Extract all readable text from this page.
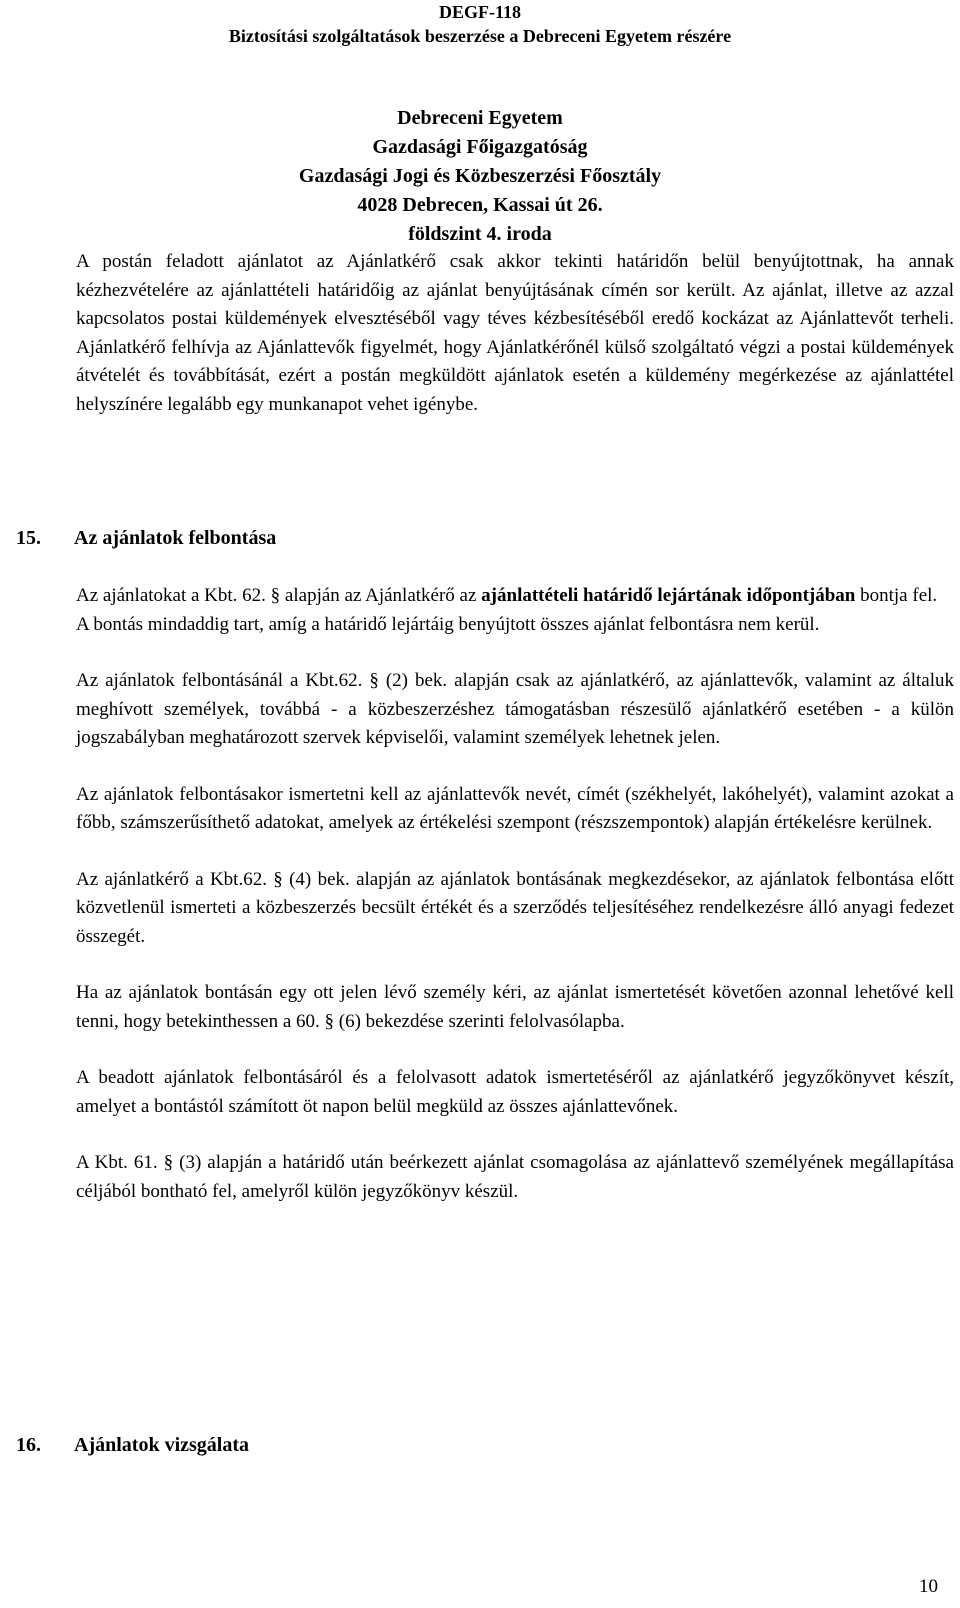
DEGF-118
Biztosítási szolgáltatások beszerzése a Debreceni Egyetem részére
Debreceni Egyetem
Gazdasági Főigazgatóság
Gazdasági Jogi és Közbeszerzési Főosztály
4028 Debrecen, Kassai út 26.
földszint 4. iroda

A postán feladott ajánlatot az Ajánlatkérő csak akkor tekinti határidőn belül benyújtottnak, ha annak kézhezvételére az ajánlattételi határidőig az ajánlat benyújtásának címén sor került. Az ajánlat, illetve az azzal kapcsolatos postai küldemények elvesztéséből vagy téves kézbesítéséből eredő kockázat az Ajánlattevőt terheli. Ajánlatkérő felhívja az Ajánlattevők figyelmét, hogy Ajánlatkérőnél külső szolgáltató végzi a postai küldemények átvételét és továbbítását, ezért a postán megküldött ajánlatok esetén a küldemény megérkezése az ajánlattétel helyszínére legalább egy munkanapot vehet igénybe.

15. Az ajánlatok felbontása

Az ajánlatokat a Kbt. 62. § alapján az Ajánlatkérő az ajánlattételi határidő lejártának időpontjában bontja fel.

A bontás mindaddig tart, amíg a határidő lejártáig benyújtott összes ajánlat felbontásra nem kerül.

Az ajánlatok felbontásánál a Kbt.62. § (2) bek. alapján csak az ajánlatkérő, az ajánlattevők, valamint az általuk meghívott személyek, továbbá - a közbeszerzéshez támogatásban részesülő ajánlatkérő esetében - a külön jogszabályban meghatározott szervek képviselői, valamint személyek lehetnek jelen.

Az ajánlatok felbontásakor ismertetni kell az ajánlattevők nevét, címét (székhelyét, lakóhelyét), valamint azokat a főbb, számszerűsíthető adatokat, amelyek az értékelési szempont (részszempontok) alapján értékelésre kerülnek.

Az ajánlatkérő a Kbt.62. § (4) bek. alapján az ajánlatok bontásának megkezdésekor, az ajánlatok felbontása előtt közvetlenül ismerteti a közbeszerzés becsült értékét és a szerződés teljesítéséhez rendelkezésre álló anyagi fedezet összegét.

Ha az ajánlatok bontásán egy ott jelen lévő személy kéri, az ajánlat ismertetését követően azonnal lehetővé kell tenni, hogy betekinthessen a 60. § (6) bekezdése szerinti felolvasólapba.

A beadott ajánlatok felbontásáról és a felolvasott adatok ismertetéséről az ajánlatkérő jegyzőkönyvet készít, amelyet a bontástól számított öt napon belül megküld az összes ajánlattevőnek.

A Kbt. 61. § (3) alapján a határidő után beérkezett ajánlat csomagolása az ajánlattevő személyének megállapítása céljából bontható fel, amelyről külön jegyzőkönyv készül.

16. Ajánlatok vizsgálata
10
